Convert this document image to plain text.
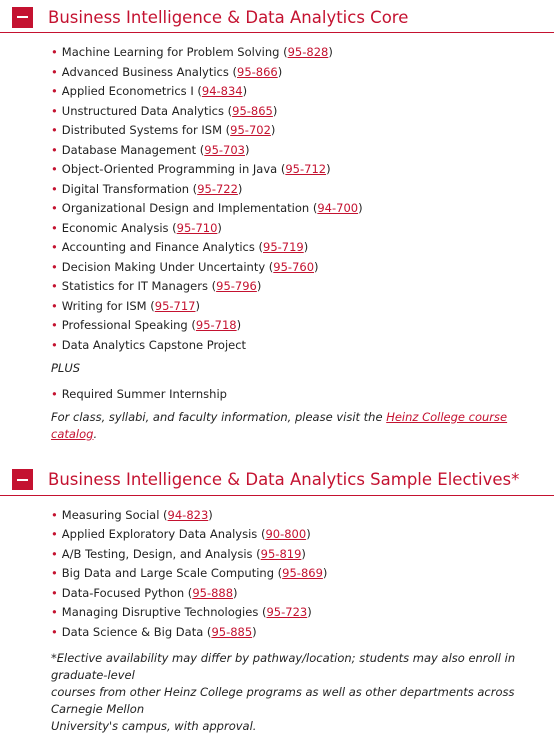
Business Intelligence & Data Analytics Core
• Machine Learning for Problem Solving (95-828)
• Advanced Business Analytics (95-866)
• Applied Econometrics I (94-834)
• Unstructured Data Analytics (95-865)
• Distributed Systems for ISM (95-702)
• Database Management (95-703)
• Object-Oriented Programming in Java (95-712)
• Digital Transformation (95-722)
• Organizational Design and Implementation (94-700)
• Economic Analysis (95-710)
• Accounting and Finance Analytics (95-719)
• Decision Making Under Uncertainty (95-760)
• Statistics for IT Managers (95-796)
• Writing for ISM (95-717)
• Professional Speaking (95-718)
• Data Analytics Capstone Project

PLUS

• Required Summer Internship

For class, syllabi, and faculty information, please visit the Heinz College course catalog.

Business Intelligence & Data Analytics Sample Electives*
• Measuring Social (94-823)
• Applied Exploratory Data Analysis (90-800)
• A/B Testing, Design, and Analysis (95-819)
• Big Data and Large Scale Computing (95-869)
• Data-Focused Python (95-888)
• Managing Disruptive Technologies (95-723)
• Data Science & Big Data (95-885)

*Elective availability may differ by pathway/location; students may also enroll in graduate-level
courses from other Heinz College programs as well as other departments across Carnegie Mellon
University's campus, with approval.
